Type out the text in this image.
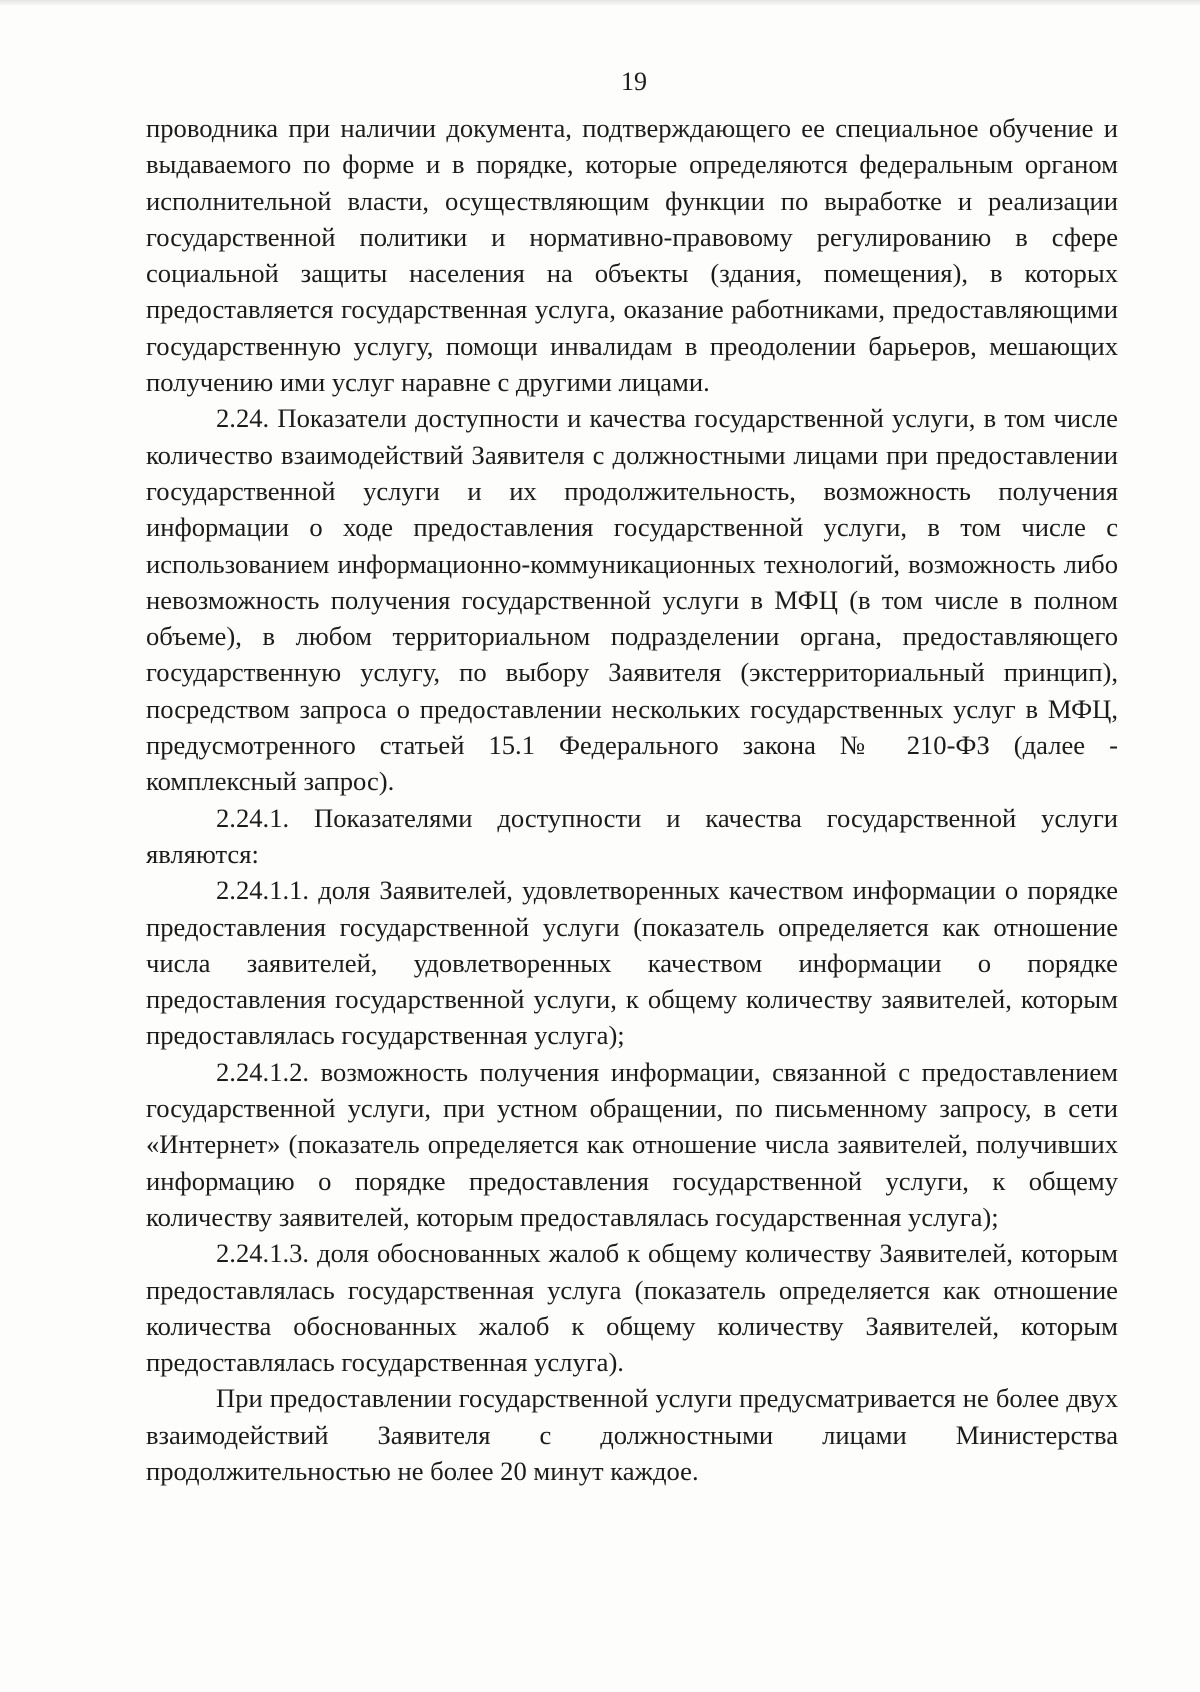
19

проводника при наличии документа, подтверждающего ее специальное обучение и выдаваемого по форме и в порядке, которые определяются федеральным органом исполнительной власти, осуществляющим функции по выработке и реализации государственной политики и нормативно-правовому регулированию в сфере социальной защиты населения на объекты (здания, помещения), в которых предоставляется государственная услуга, оказание работниками, предоставляющими государственную услугу, помощи инвалидам в преодолении барьеров, мешающих получению ими услуг наравне с другими лицами.

2.24. Показатели доступности и качества государственной услуги, в том числе количество взаимодействий Заявителя с должностными лицами при предоставлении государственной услуги и их продолжительность, возможность получения информации о ходе предоставления государственной услуги, в том числе с использованием информационно-коммуникационных технологий, возможность либо невозможность получения государственной услуги в МФЦ (в том числе в полном объеме), в любом территориальном подразделении органа, предоставляющего государственную услугу, по выбору Заявителя (экстерриториальный принцип), посредством запроса о предоставлении нескольких государственных услуг в МФЦ, предусмотренного статьей 15.1 Федерального закона № 210-ФЗ (далее - комплексный запрос).

2.24.1. Показателями доступности и качества государственной услуги являются:

2.24.1.1. доля Заявителей, удовлетворенных качеством информации о порядке предоставления государственной услуги (показатель определяется как отношение числа заявителей, удовлетворенных качеством информации о порядке предоставления государственной услуги, к общему количеству заявителей, которым предоставлялась государственная услуга);

2.24.1.2. возможность получения информации, связанной с предоставлением государственной услуги, при устном обращении, по письменному запросу, в сети «Интернет» (показатель определяется как отношение числа заявителей, получивших информацию о порядке предоставления государственной услуги, к общему количеству заявителей, которым предоставлялась государственная услуга);

2.24.1.3. доля обоснованных жалоб к общему количеству Заявителей, которым предоставлялась государственная услуга (показатель определяется как отношение количества обоснованных жалоб к общему количеству Заявителей, которым предоставлялась государственная услуга).

При предоставлении государственной услуги предусматривается не более двух взаимодействий Заявителя с должностными лицами Министерства продолжительностью не более 20 минут каждое.
